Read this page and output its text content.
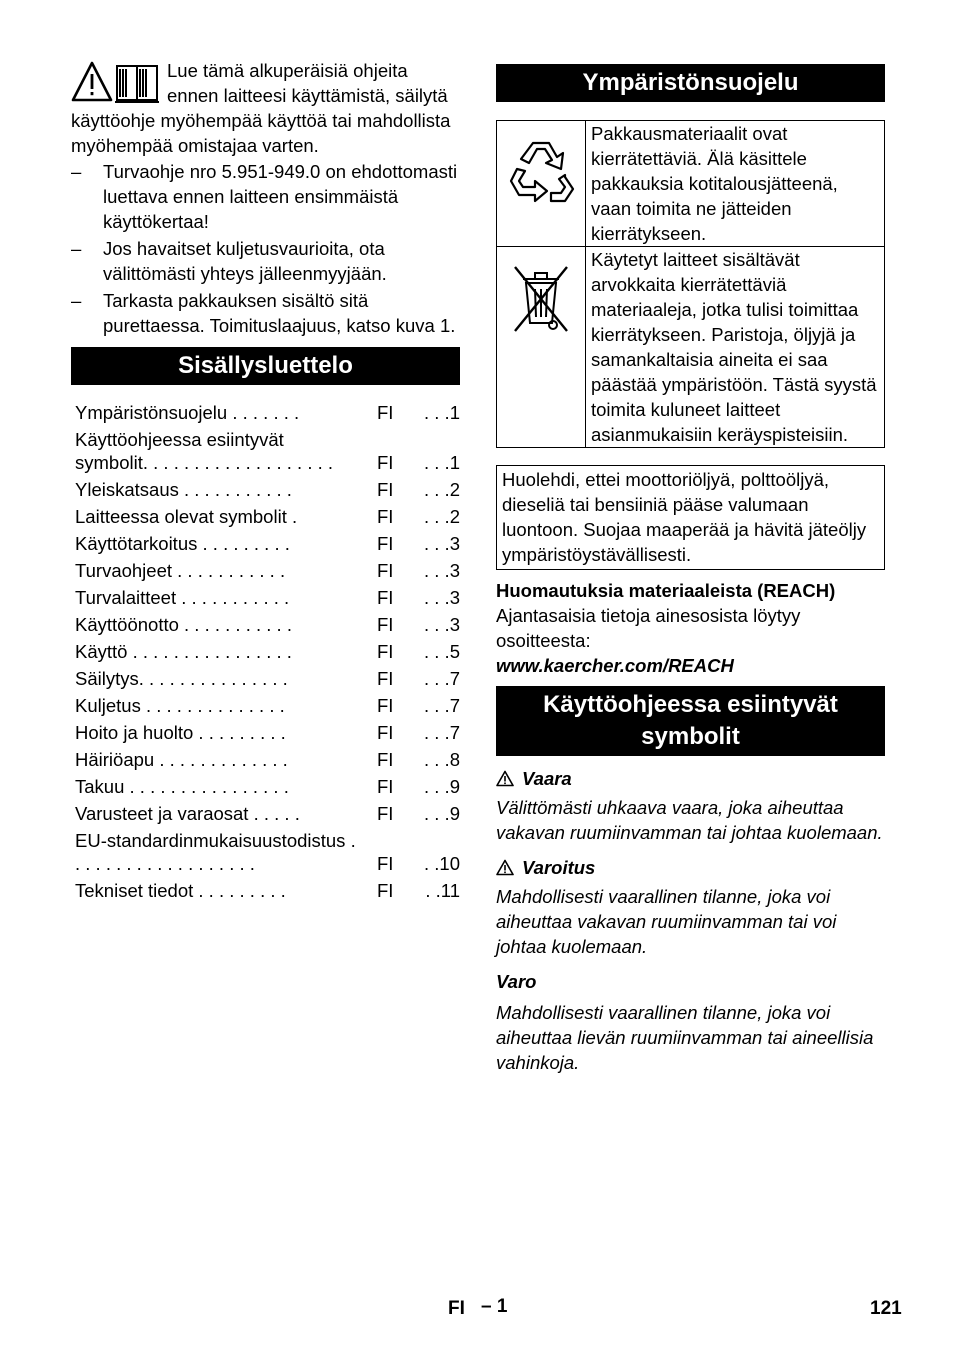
Lue tämä alkuperäisiä ohjeita ennen laitteesi käyttämistä, säilytä käyttöohje myöhempää käyttöä tai mahdollista myöhempää omistajaa varten.

– Turvaohje nro 5.951-949.0 on ehdottomasti luettava ennen laitteen ensimmäistä käyttökertaa!
– Jos havaitset kuljetusvaurioita, ota välittömästi yhteys jälleenmyyjään.
– Tarkasta pakkauksen sisältö sitä purettaessa. Toimituslaajuus, katso kuva 1.
Sisällysluettelo
Ympäristönsuojelu . . . . . . .	FI	. . .1
Käyttöohjeessa esiintyvät symbolit. . . . . . . . . . . . . . . . . . .	FI	. . .1
Yleiskatsaus . . . . . . . . . . .	FI	. . .2
Laitteessa olevat symbolit .	FI	. . .2
Käyttötarkoitus . . . . . . . . .	FI	. . .3
Turvaohjeet . . . . . . . . . . .	FI	. . .3
Turvalaitteet . . . . . . . . . . .	FI	. . .3
Käyttöönotto . . . . . . . . . . .	FI	. . .3
Käyttö . . . . . . . . . . . . . . . .	FI	. . .5
Säilytys. . . . . . . . . . . . . . .	FI	. . .7
Kuljetus . . . . . . . . . . . . . .	FI	. . .7
Hoito ja huolto . . . . . . . . .	FI	. . .7
Häiriöapu . . . . . . . . . . . . .	FI	. . .8
Takuu . . . . . . . . . . . . . . . .	FI	. . .9
Varusteet ja varaosat . . . . .	FI	. . .9
EU-standardinmukaisuustodistus . . . . . . . . . . . . . . . . . . .	FI	. .10
Tekniset tiedot . . . . . . . . .	FI	. .11
Ympäristönsuojelu
	Pakkausmateriaalit ovat kierrätettäviä. Älä käsittele pakkauksia kotitalousjätteenä, vaan toimita ne jätteiden kierrätykseen.
	Käytetyt laitteet sisältävät arvokkaita kierrätettäviä materiaaleja, jotka tulisi toimittaa kierrätykseen. Paristoja, öljyjä ja samankaltaisia aineita ei saa päästää ympäristöön. Tästä syystä toimita kuluneet laitteet asianmukaisiin keräyspisteisiin.
Huolehdi, ettei moottoriöljyä, polttoöljyä, dieseliä tai bensiiniä pääse valumaan luontoon. Suojaa maaperää ja hävitä jäteöljy ympäristöystävällisesti.

Huomautuksia materiaaleista (REACH)

Ajantasaisia tietoja ainesosista löytyy osoitteesta:

www.kaercher.com/REACH

Käyttöohjeessa esiintyvät symbolit
Vaara

Välittömästi uhkaava vaara, joka aiheuttaa vakavan ruumiinvamman tai johtaa kuolemaan.

Varoitus

Mahdollisesti vaarallinen tilanne, joka voi aiheuttaa vakavan ruumiinvamman tai voi johtaa kuolemaan.

Varo

Mahdollisesti vaarallinen tilanne, joka voi aiheuttaa lievän ruumiinvamman tai aineellisia vahinkoja.

FI – 1	121
